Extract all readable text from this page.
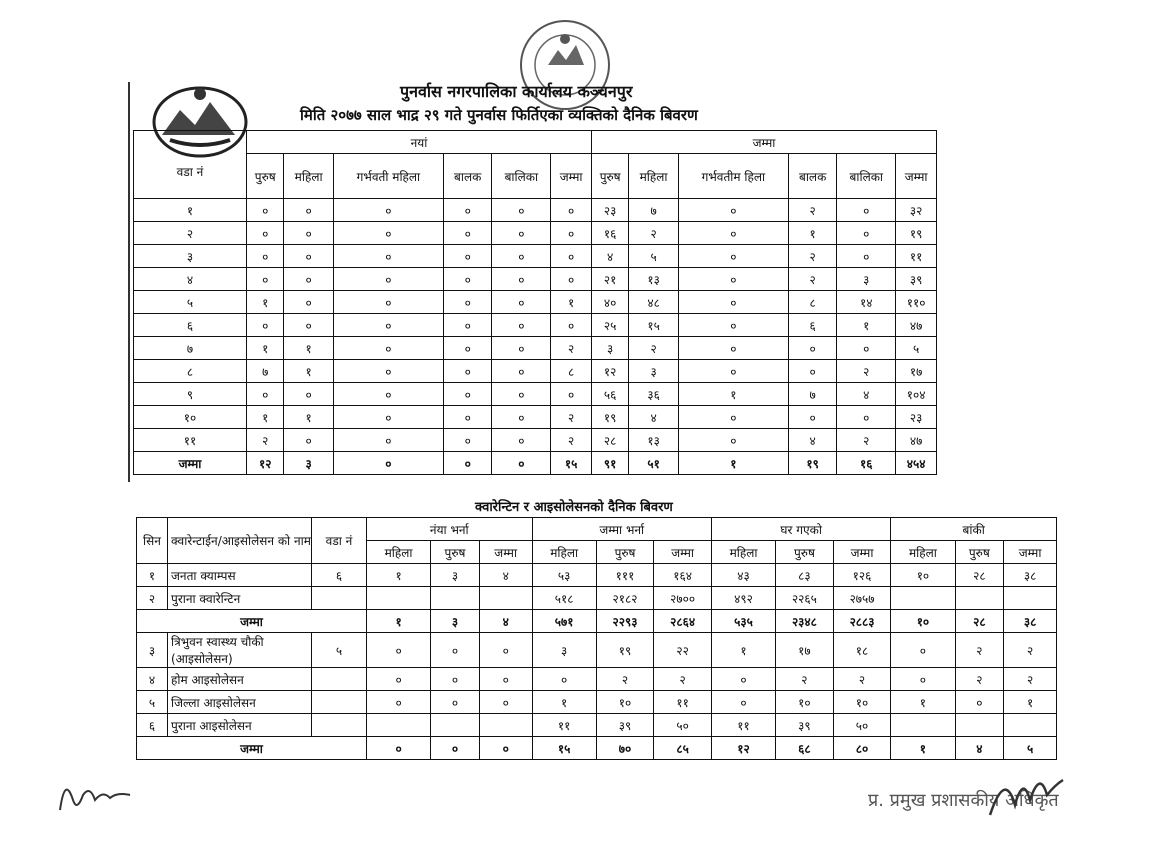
पुनर्वास नगरपालिका कार्यालय कञ्चनपुर
मिति २०७७ साल भाद्र २९ गते पुनर्वास फिर्तिएका व्यक्तिको दैनिक बिवरण
वडा नं	नयां						जम्मा					
	पुरुष	महिला	गर्भवती महिला	बालक	बालिका	जम्मा	पुरुष	महिला	गर्भवतीम हिला	बालक	बालिका	जम्मा
१	०	०	०	०	०	०	२३	७	०	२	०	३२
२	०	०	०	०	०	०	१६	२	०	१	०	१९
३	०	०	०	०	०	०	४	५	०	२	०	११
४	०	०	०	०	०	०	२१	१३	०	२	३	३९
५	१	०	०	०	०	१	४०	४८	०	८	१४	११०
६	०	०	०	०	०	०	२५	१५	०	६	१	४७
७	१	१	०	०	०	२	३	२	०	०	०	५
८	७	१	०	०	०	८	१२	३	०	०	२	१७
९	०	०	०	०	०	०	५६	३६	१	७	४	१०४
१०	१	१	०	०	०	२	१९	४	०	०	०	२३
११	२	०	०	०	०	२	२८	१३	०	४	२	४७
जम्मा	१२	३	०	०	०	१५	९१	५१	१	१९	१६	४५४
क्वारेन्टिन र आइसोलेसनको दैनिक बिवरण
सिन	क्वारेन्टाईन/आइसोलेसन को नाम	वडा नं	नंया भर्ना			जम्मा भर्ना			घर गएको			बांकी		
			महिला	पुरुष	जम्मा	महिला	पुरुष	जम्मा	महिला	पुरुष	जम्मा	महिला	पुरुष	जम्मा
१	जनता क्याम्पस	६	१	३	४	५३	१११	१६४	४३	८३	१२६	१०	२८	३८
२	पुराना क्वारेन्टिन					५१८	२१८२	२७००	४९२	२२६५	२७५७			
जम्मा			१	३	४	५७१	२२९३	२८६४	५३५	२३४८	२८८३	१०	२८	३८
३	त्रिभुवन स्वास्थ्य चौकी (आइसोलेसन)	५	०	०	०	३	१९	२२	१	१७	१८	०	२	२
४	होम आइसोलेसन		०	०	०	०	२	२	०	२	२	०	२	२
५	जिल्ला आइसोलेसन		०	०	०	१	१०	११	०	१०	१०	१	०	१
६	पुराना आइसोलेसन					११	३९	५०	११	३९	५०			
जम्मा			०	०	०	१५	७०	८५	१२	६८	८०	१	४	५
प्र. प्रमुख प्रशासकीय अधिकृत
